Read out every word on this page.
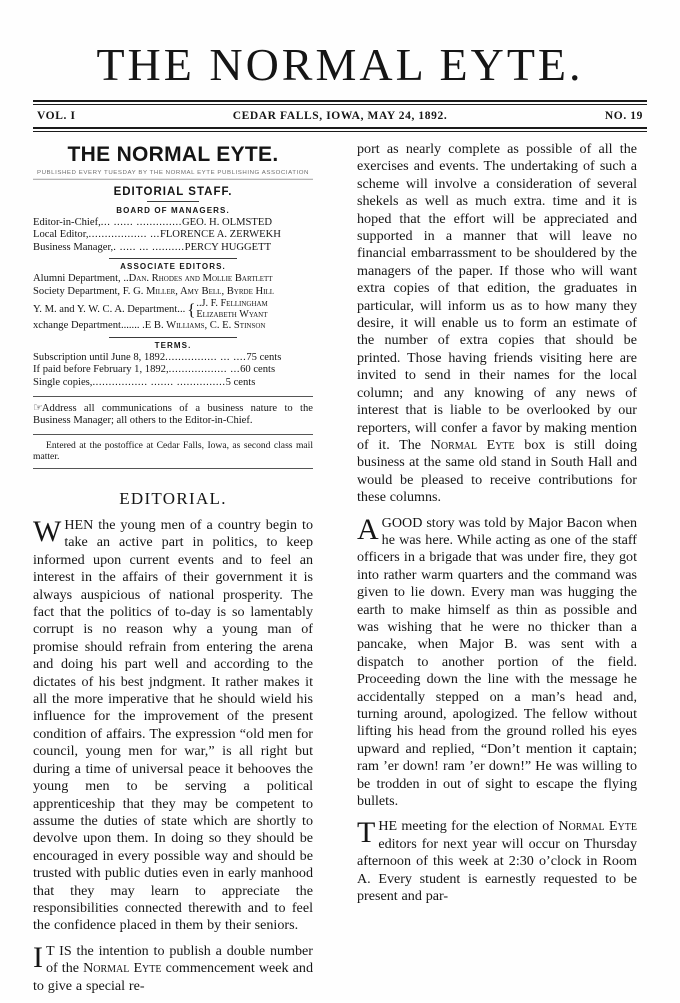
THE NORMAL EYTE.
VOL. I	CEDAR FALLS, IOWA, MAY 24, 1892.	NO. 19
THE NORMAL EYTE.
PUBLISHED EVERY TUESDAY BY THE NORMAL EYTE PUBLISHING ASSOCIATION
EDITORIAL STAFF.
BOARD OF MANAGERS.
Editor-in-Chief,... ...... ..............GEO. H. OLMSTED
Local Editor,.................. ...FLORENCE A. ZERWEKH
Business Manager,. ..... ... ..........PERCY HUGGETT
ASSOCIATE EDITORS.
Alumni Department, ..Dan. Rhodes and Mollie Bartlett
Society Department, F. G. Miller, Amy Bell, Byrde Hill
Y. M. and Y. W. C. A. Department... { ..J. F. Fellingham
Elizabeth Wyant
xchange Department....... .E B. Williams, C. E. Stinson
TERMS.
Subscription until June 8, 1892................ ... ....75 cents
If paid before February 1, 1892,.................. ...60 cents
Single copies,................. ....... ...............5 cents
☞Address all communications of a business nature to the Business Manager; all others to the Editor-in-Chief.
Entered at the postoffice at Cedar Falls, Iowa, as second class mail matter.
EDITORIAL.

WHEN the young men of a country begin to take an active part in politics, to keep informed upon current events and to feel an interest in the affairs of their government it is always auspicious of national prosperity. The fact that the politics of to-day is so lamentably corrupt is no reason why a young man of promise should refrain from entering the arena and doing his part well and according to the dictates of his best jndgment. It rather makes it all the more imperative that he should wield his influence for the improvement of the present condition of affairs. The expression “old men for council, young men for war,” is all right but during a time of universal peace it behooves the young men to be serving a political apprenticeship that they may be competent to assume the duties of state which are shortly to devolve upon them. In doing so they should be encouraged in every possible way and should be trusted with public duties even in early manhood that they may learn to appreciate the responsibilities connected therewith and to feel the confidence placed in them by their seniors.

I T IS the intention to publish a double number of the Normal Eyte commencement week and to give a special re-

port as nearly complete as possible of all the exercises and events. The undertaking of such a scheme will involve a consideration of several shekels as well as much extra. time and it is hoped that the effort will be appreciated and supported in a manner that will leave no financial embarrassment to be shouldered by the managers of the paper. If those who will want extra copies of that edition, the graduates in particular, will inform us as to how many they desire, it will enable us to form an estimate of the number of extra copies that should be printed. Those having friends visiting here are invited to send in their names for the local column; and any knowing of any news of interest that is liable to be overlooked by our reporters, will confer a favor by making mention of it. The Normal Eyte box is still doing business at the same old stand in South Hall and would be pleased to receive contributions for these columns.

AGOOD story was told by Major Bacon when he was here. While acting as one of the staff officers in a brigade that was under fire, they got into rather warm quarters and the command was given to lie down. Every man was hugging the earth to make himself as thin as possible and was wishing that he were no thicker than a pancake, when Major B. was sent with a dispatch to another portion of the field. Proceeding down the line with the message he accidentally stepped on a man’s head and, turning around, apologized. The fellow without lifting his head from the ground rolled his eyes upward and replied, “Don’t mention it captain; ram ’er down! ram ’er down!” He was willing to be trodden in out of sight to escape the flying bullets.

THE meeting for the election of Normal Eyte editors for next year will occur on Thursday afternoon of this week at 2:30 o’clock in Room A. Every student is earnestly requested to be present and par-
